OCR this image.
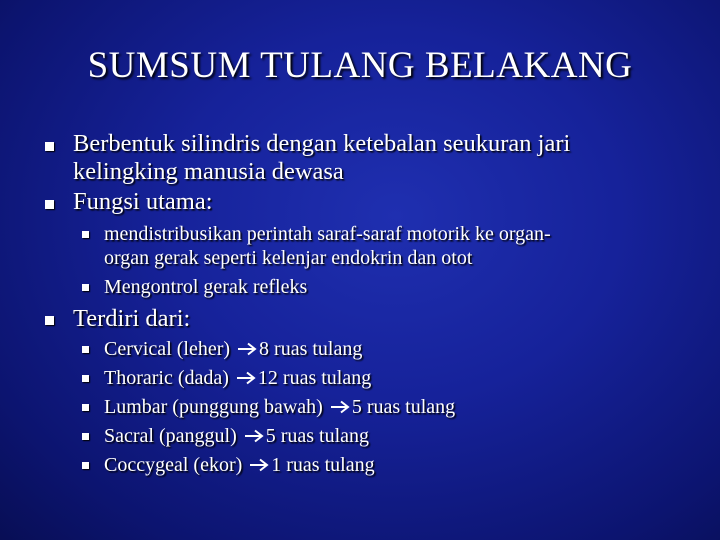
SUMSUM TULANG BELAKANG
Berbentuk silindris dengan ketebalan seukuran jari
kelingking manusia dewasa
Fungsi utama:
mendistribusikan perintah saraf-saraf motorik ke organ-
organ gerak seperti kelenjar endokrin dan otot
Mengontrol gerak refleks
Terdiri dari:
Cervical (leher) 8 ruas tulang
Thoraric (dada) 12 ruas tulang
Lumbar (punggung bawah) 5 ruas tulang
Sacral (panggul) 5 ruas tulang
Coccygeal (ekor) 1 ruas tulang
